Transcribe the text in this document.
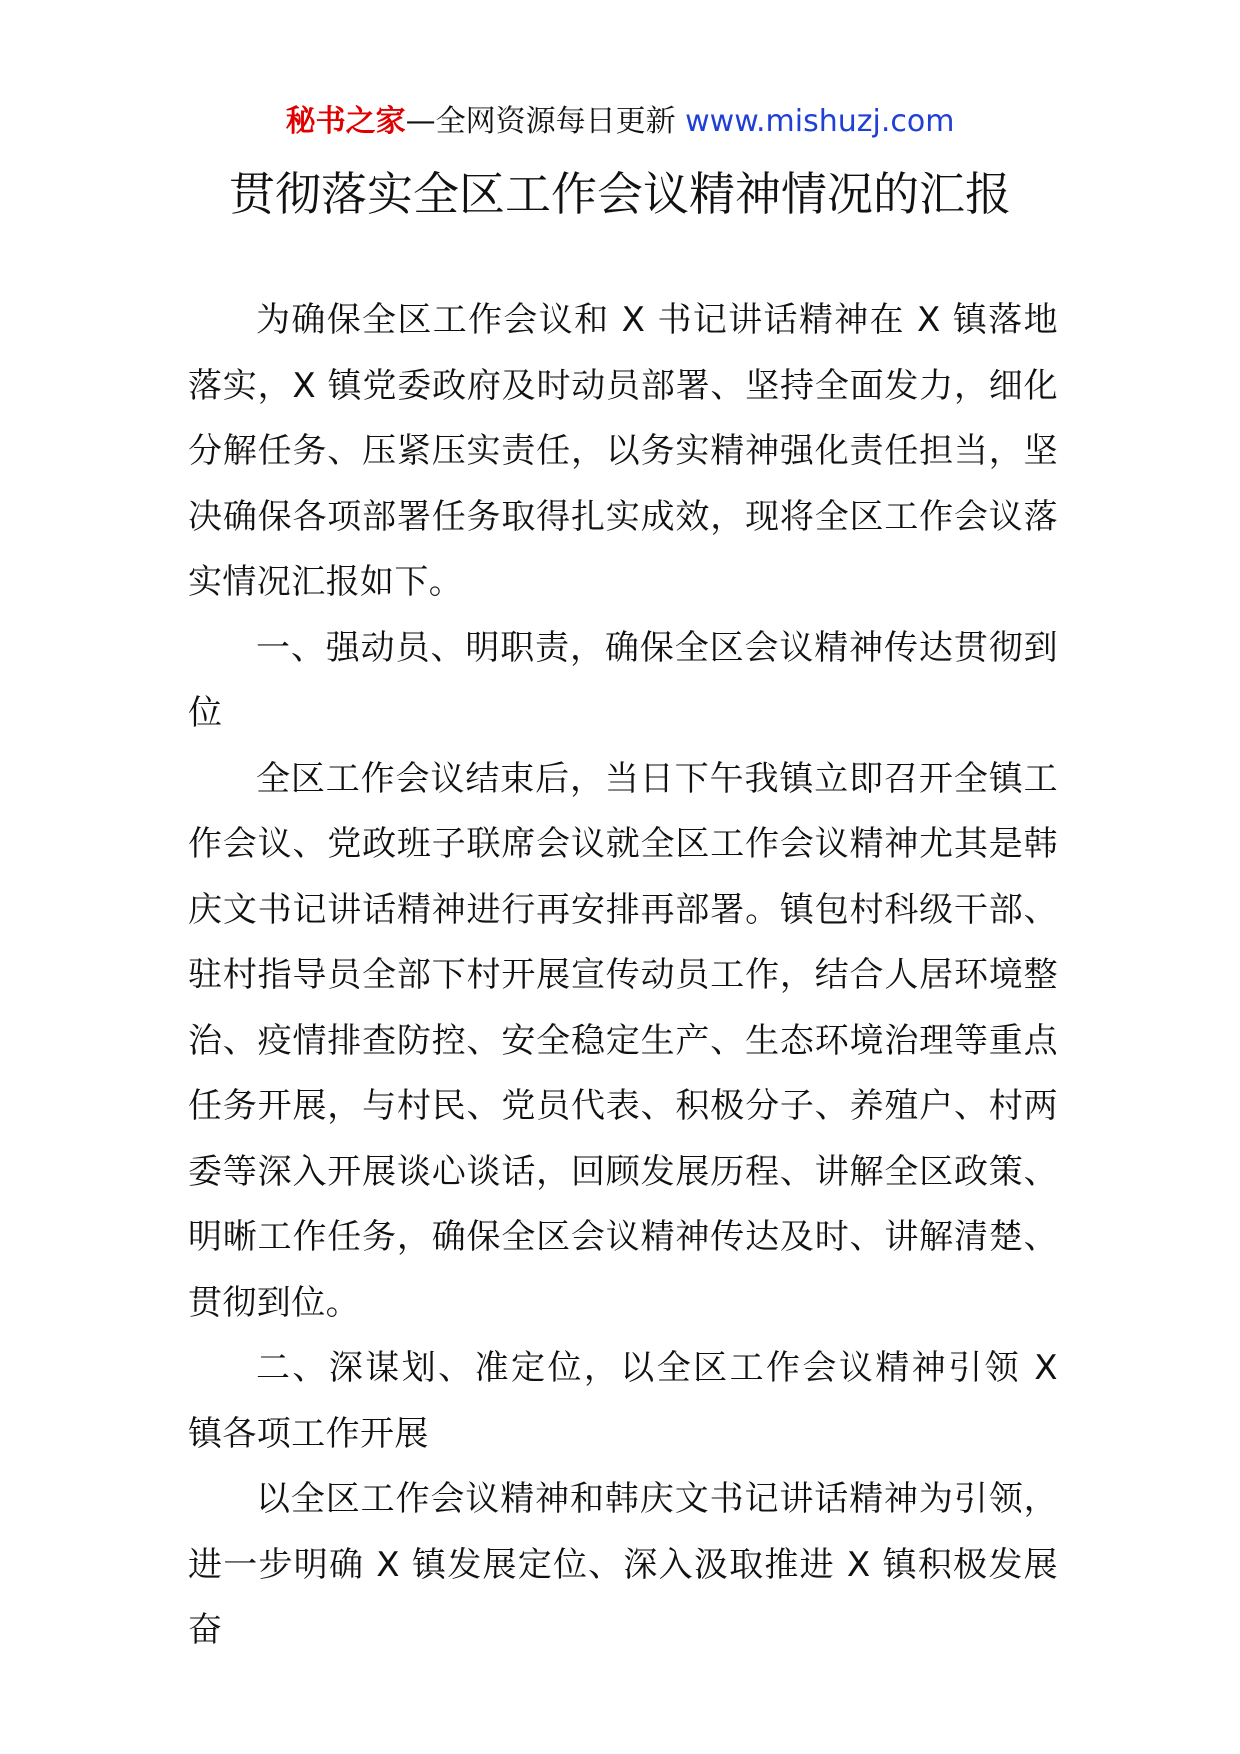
秘书之家—全网资源每日更新 www.mishuzj.com
贯彻落实全区工作会议精神情况的汇报

为确保全区工作会议和 X 书记讲话精神在 X 镇落地落实，X 镇党委政府及时动员部署、坚持全面发力，细化分解任务、压紧压实责任，以务实精神强化责任担当，坚决确保各项部署任务取得扎实成效，现将全区工作会议落实情况汇报如下。

一、强动员、明职责，确保全区会议精神传达贯彻到位

全区工作会议结束后，当日下午我镇立即召开全镇工作会议、党政班子联席会议就全区工作会议精神尤其是韩庆文书记讲话精神进行再安排再部署。镇包村科级干部、驻村指导员全部下村开展宣传动员工作，结合人居环境整治、疫情排查防控、安全稳定生产、生态环境治理等重点任务开展，与村民、党员代表、积极分子、养殖户、村两委等深入开展谈心谈话，回顾发展历程、讲解全区政策、明晰工作任务，确保全区会议精神传达及时、讲解清楚、贯彻到位。

二、深谋划、准定位，以全区工作会议精神引领 X 镇各项工作开展

以全区工作会议精神和韩庆文书记讲话精神为引领，进一步明确 X 镇发展定位、深入汲取推进 X 镇积极发展奋
